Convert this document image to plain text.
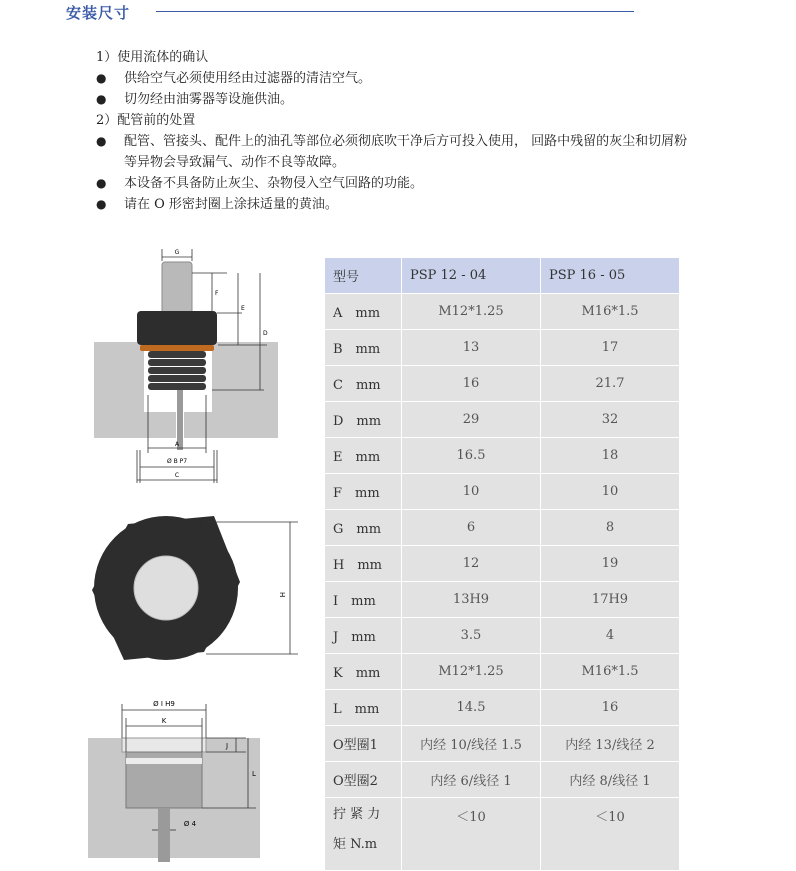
安装尺寸
1）使用流体的确认
●	供给空气必须使用经由过滤器的清洁空气。
●	切勿经由油雾器等设施供油。
2）配管前的处置
●	配管、管接头、配件上的油孔等部位必须彻底吹干净后方可投入使用， 回路中残留的灰尘和切屑粉等异物会导致漏气、动作不良等故障。
●	本设备不具备防止灰尘、杂物侵入空气回路的功能。
●	请在 O 形密封圈上涂抹适量的黄油。
G
F
E
D
A
Ø B P7
C
H
Ø I H9
K
J
L
Ø 4
型号	PSP 12 - 04	PSP 16 - 05
A　mm	M12*1.25	M16*1.5
B　mm	13	17
C　mm	16	21.7
D　mm	29	32
E　mm	16.5	18
F　mm	10	10
G　mm	6	8
H　mm	12	19
I　mm	13H9	17H9
J　mm	3.5	4
K　mm	M12*1.25	M16*1.5
L　mm	14.5	16
O型圈1	内经 10/线径 1.5	内经 13/线径 2
O型圈2	内经 6/线径 1	内经 8/线径 1

拧 紧 力
矩 N.m	＜10	＜10
